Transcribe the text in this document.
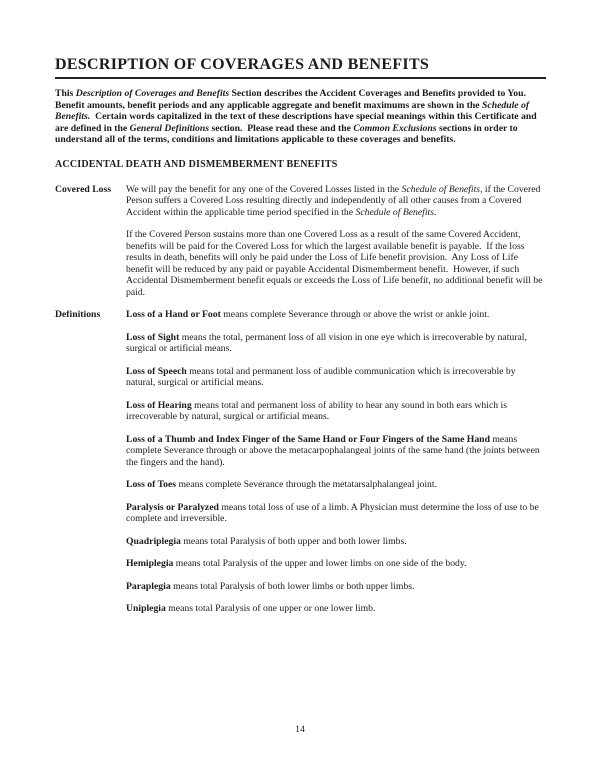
DESCRIPTION OF COVERAGES AND BENEFITS

This Description of Coverages and Benefits Section describes the Accident Coverages and Benefits provided to You.  Benefit amounts, benefit periods and any applicable aggregate and benefit maximums are shown in the Schedule of Benefits.  Certain words capitalized in the text of these descriptions have special meanings within this Certificate and are defined in the General Definitions section.  Please read these and the Common Exclusions sections in order to understand all of the terms, conditions and limitations applicable to these coverages and benefits.

ACCIDENTAL DEATH AND DISMEMBERMENT BENEFITS
Covered Loss	We will pay the benefit for any one of the Covered Losses listed in the Schedule of Benefits, if the Covered Person suffers a Covered Loss resulting directly and independently of all other causes from a Covered Accident within the applicable time period specified in the Schedule of Benefits.

If the Covered Person sustains more than one Covered Loss as a result of the same Covered Accident, benefits will be paid for the Covered Loss for which the largest available benefit is payable.  If the loss results in death, benefits will only be paid under the Loss of Life benefit provision.  Any Loss of Life benefit will be reduced by any paid or payable Accidental Dismemberment benefit.  However, if such Accidental Dismemberment benefit equals or exceeds the Loss of Life benefit, no additional benefit will be paid.

Definitions	Loss of a Hand or Foot means complete Severance through or above the wrist or ankle joint.

Loss of Sight means the total, permanent loss of all vision in one eye which is irrecoverable by natural, surgical or artificial means.

Loss of Speech means total and permanent loss of audible communication which is irrecoverable by natural, surgical or artificial means.

Loss of Hearing means total and permanent loss of ability to hear any sound in both ears which is irrecoverable by natural, surgical or artificial means.

Loss of a Thumb and Index Finger of the Same Hand or Four Fingers of the Same Hand means complete Severance through or above the metacarpophalangeal joints of the same hand (the joints between the fingers and the hand).

Loss of Toes means complete Severance through the metatarsalphalangeal joint.

Paralysis or Paralyzed means total loss of use of a limb. A Physician must determine the loss of use to be complete and irreversible.

Quadriplegia means total Paralysis of both upper and both lower limbs.

Hemiplegia means total Paralysis of the upper and lower limbs on one side of the body.

Paraplegia means total Paralysis of both lower limbs or both upper limbs.

Uniplegia means total Paralysis of one upper or one lower limb.

14
